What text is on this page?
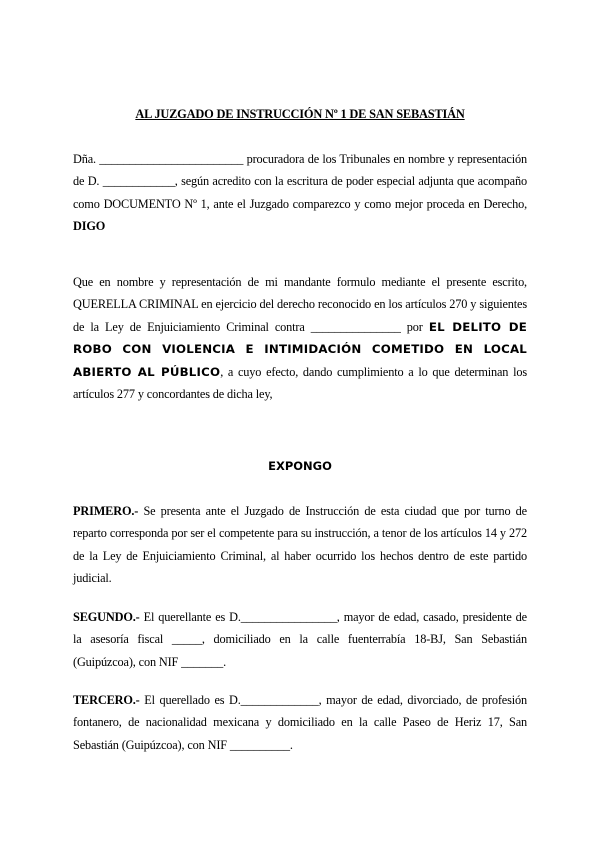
AL JUZGADO DE INSTRUCCIÓN Nº 1 DE SAN SEBASTIÁN
Dña. ________________________ procuradora de los Tribunales en nombre y representación de D. ____________, según acredito con la escritura de poder especial adjunta que acompaño como DOCUMENTO Nº 1, ante el Juzgado comparezco y como mejor proceda en Derecho, DIGO
Que en nombre y representación de mi mandante formulo mediante el presente escrito, QUERELLA CRIMINAL en ejercicio del derecho reconocido en los artículos 270 y siguientes de la Ley de Enjuiciamiento Criminal contra _______________ por EL DELITO DE ROBO CON VIOLENCIA E INTIMIDACIÓN COMETIDO EN LOCAL ABIERTO AL PÚBLICO, a cuyo efecto, dando cumplimiento a lo que determinan los artículos 277 y concordantes de dicha ley,
EXPONGO
PRIMERO.- Se presenta ante el Juzgado de Instrucción de esta ciudad que por turno de reparto corresponda por ser el competente para su instrucción, a tenor de los artículos 14 y 272 de la Ley de Enjuiciamiento Criminal, al haber ocurrido los hechos dentro de este partido judicial.
SEGUNDO.- El querellante es D.________________, mayor de edad, casado, presidente de la asesoría fiscal _____, domiciliado en la calle fuenterrabía 18-BJ, San Sebastián (Guipúzcoa), con NIF _______.
TERCERO.- El querellado es D._____________, mayor de edad, divorciado, de profesión fontanero, de nacionalidad mexicana y domiciliado en la calle Paseo de Heriz 17, San Sebastián (Guipúzcoa), con NIF __________.
